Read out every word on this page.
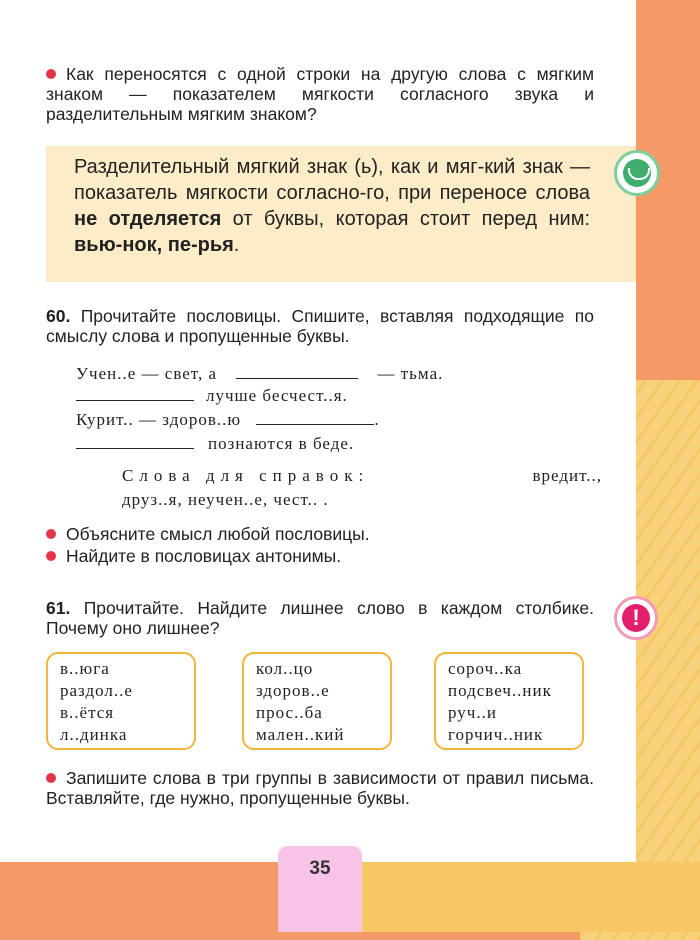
Как переносятся с одной строки на другую слова с мягким знаком — показателем мягкости согласного звука и разделительным мягким знаком?
Разделительный мягкий знак (ь), как и мяг-кий знак — показатель мягкости согласно-го, при переносе слова не отделяется от буквы, которая стоит перед ним: вью-нок, пе-рья.
60. Прочитайте пословицы. Спишите, вставляя подходящие по смыслу слова и пропущенные буквы.
Учен..е — свет, а	— тьма.
лучше бесчест..я.
Курит.. — здоров..ю	.
познаются в беде.
Слова для справок:	вредит..,
друз..я, неучен..е, чест.. .
Объясните смысл любой пословицы.
Найдите в пословицах антонимы.
61. Прочитайте. Найдите лишнее слово в каждом столбике. Почему оно лишнее?	!
в..юга
раздол..е
в..ётся
л..динка
кол..цо
здоров..е
прос..ба
мален..кий
сороч..ка
подсвеч..ник
руч..и
горчич..ник
Запишите слова в три группы в зависимости от правил письма. Вставляйте, где нужно, пропущенные буквы.
35
